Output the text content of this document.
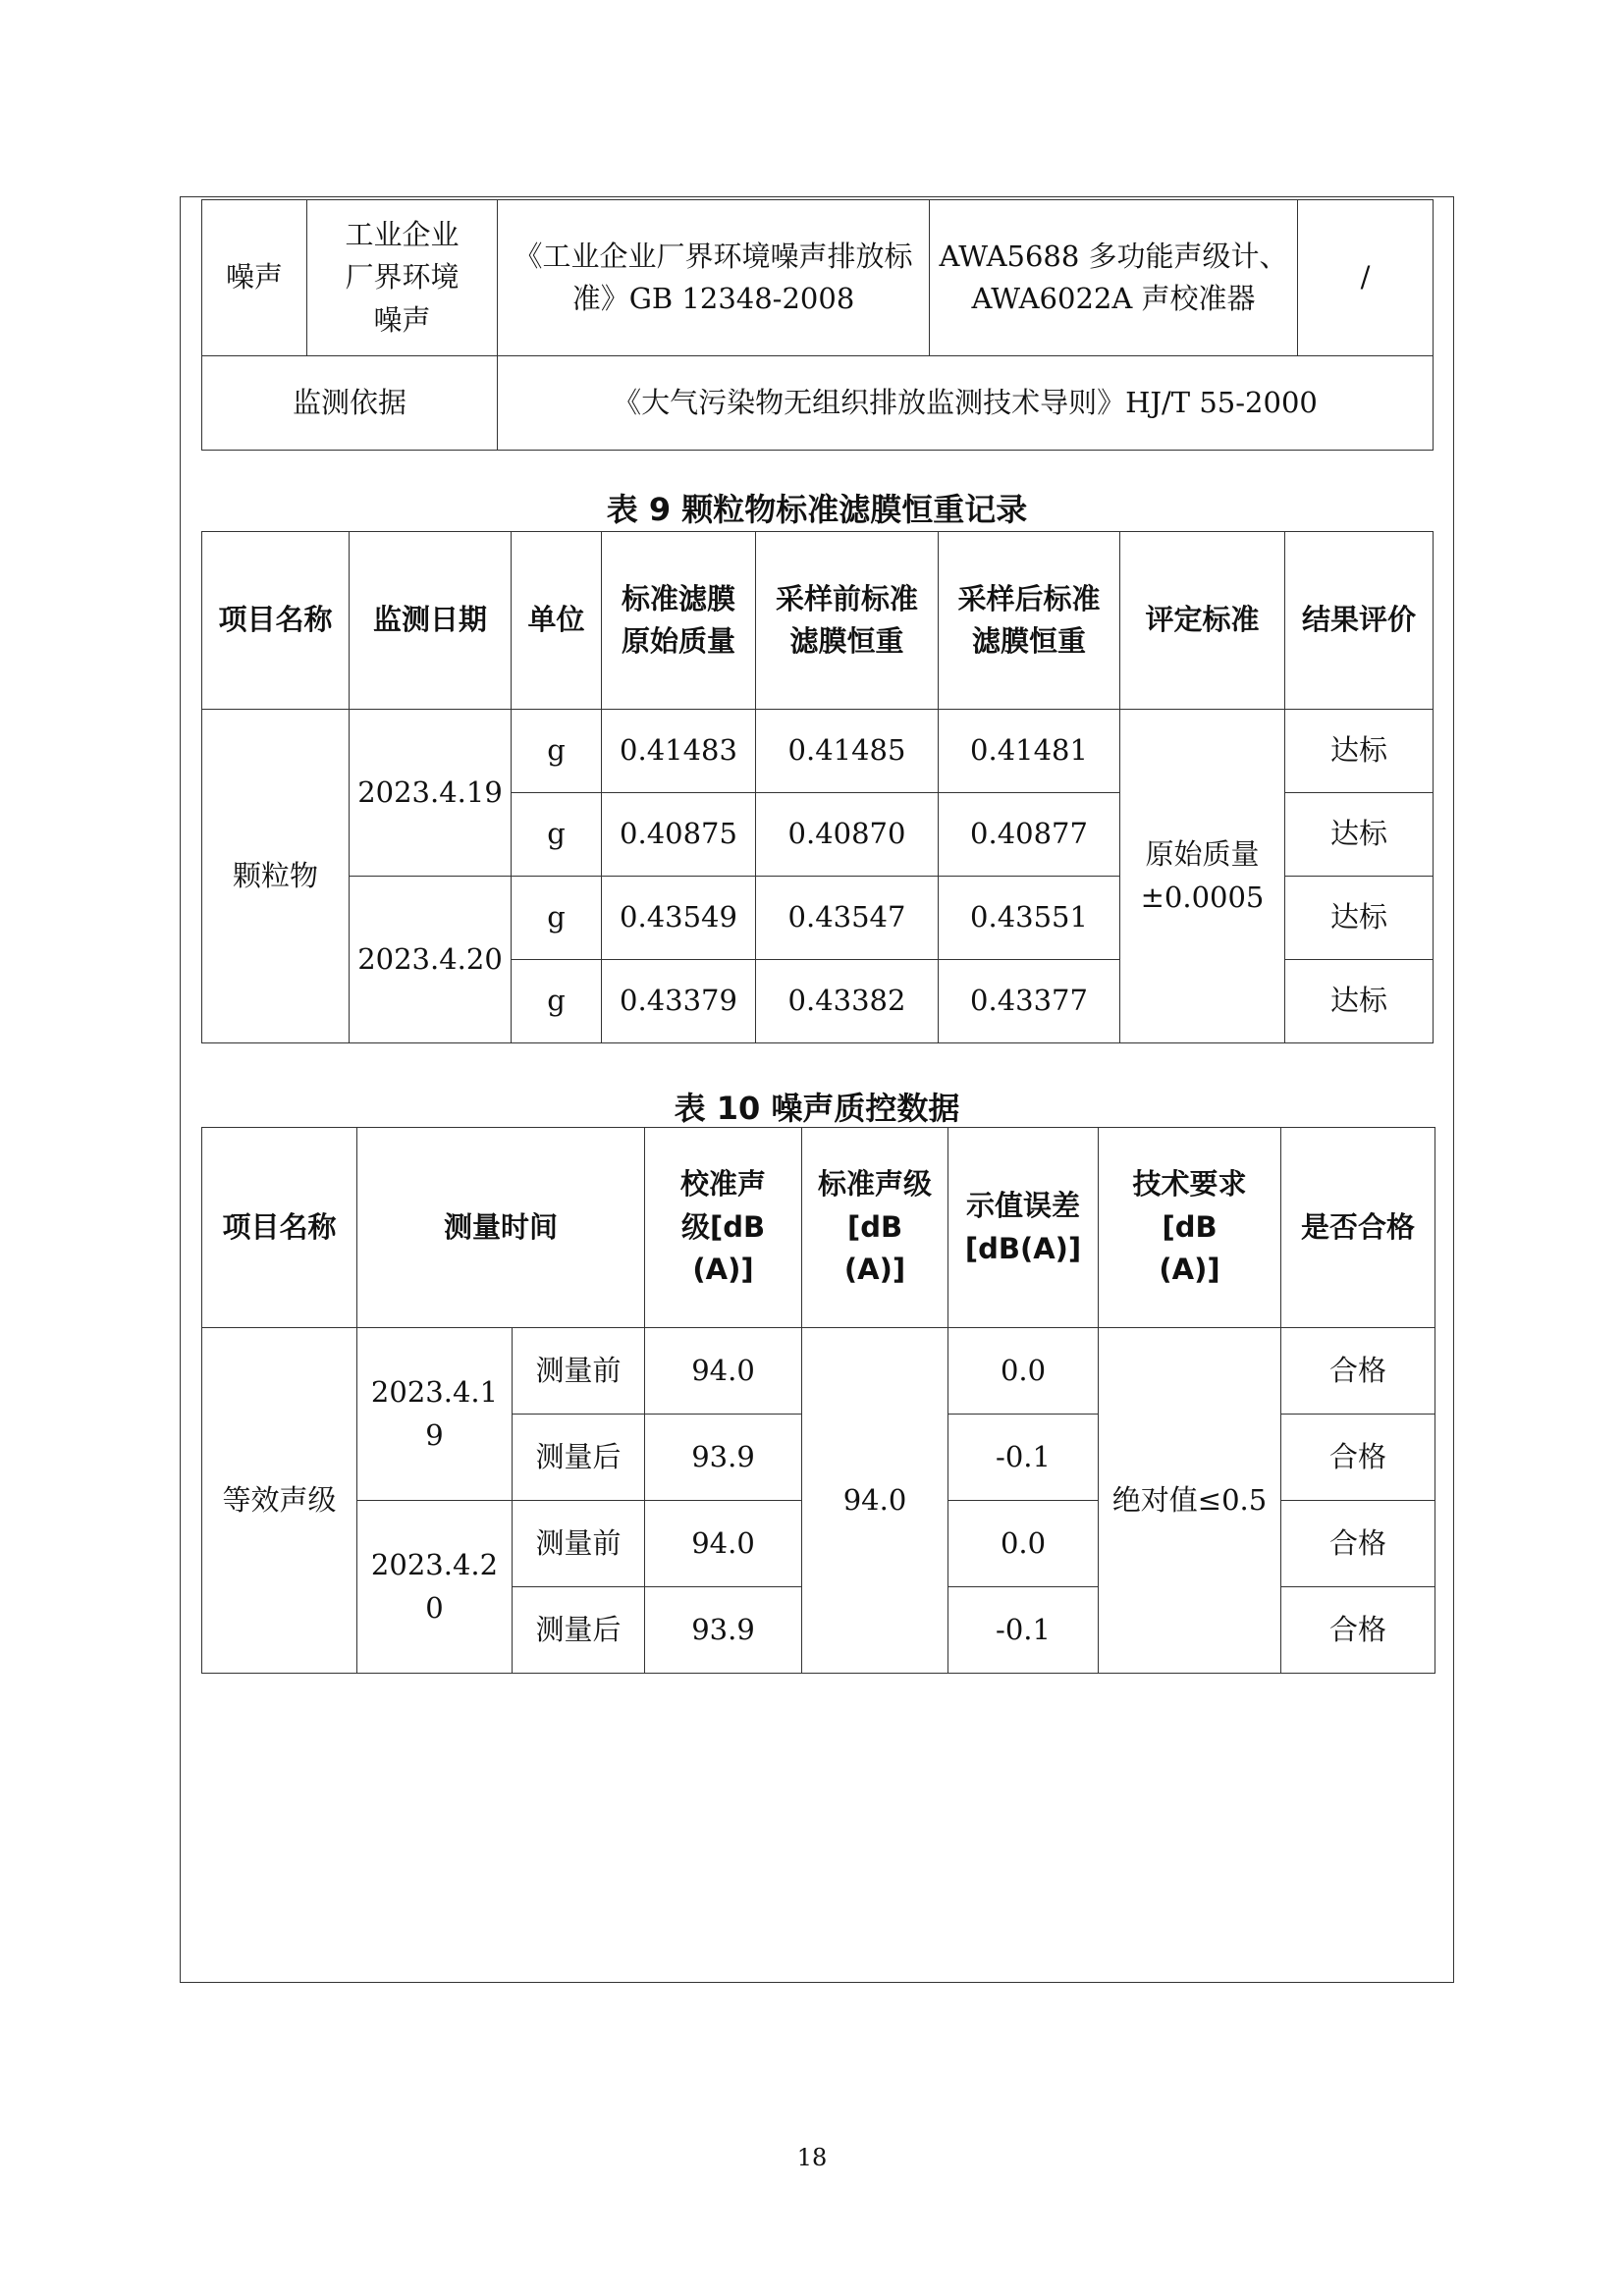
噪声	工业企业厂界环境噪声	《工业企业厂界环境噪声排放标准》GB 12348-2008	AWA5688 多功能声级计、AWA6022A 声校准器	/
监测依据		《大气污染物无组织排放监测技术导则》HJ/T 55-2000		
表 9 颗粒物标准滤膜恒重记录
项目名称	监测日期	单位	标准滤膜原始质量	采样前标准滤膜恒重	采样后标准滤膜恒重	评定标准	结果评价
颗粒物	2023.4.19	g	0.41483	0.41485	0.41481	原始质量±0.0005	达标
		g	0.40875	0.40870	0.40877		达标
	2023.4.20	g	0.43549	0.43547	0.43551		达标
		g	0.43379	0.43382	0.43377		达标
表 10 噪声质控数据
项目名称	测量时间		校准声级[dB(A)]	标准声级[dB(A)]	示值误差[dB(A)]	技术要求[dB(A)]	是否合格
等效声级	2023.4.19	测量前	94.0	94.0	0.0	绝对值≤0.5	合格
		测量后	93.9		-0.1		合格
	2023.4.20	测量前	94.0		0.0		合格
		测量后	93.9		-0.1		合格
18
